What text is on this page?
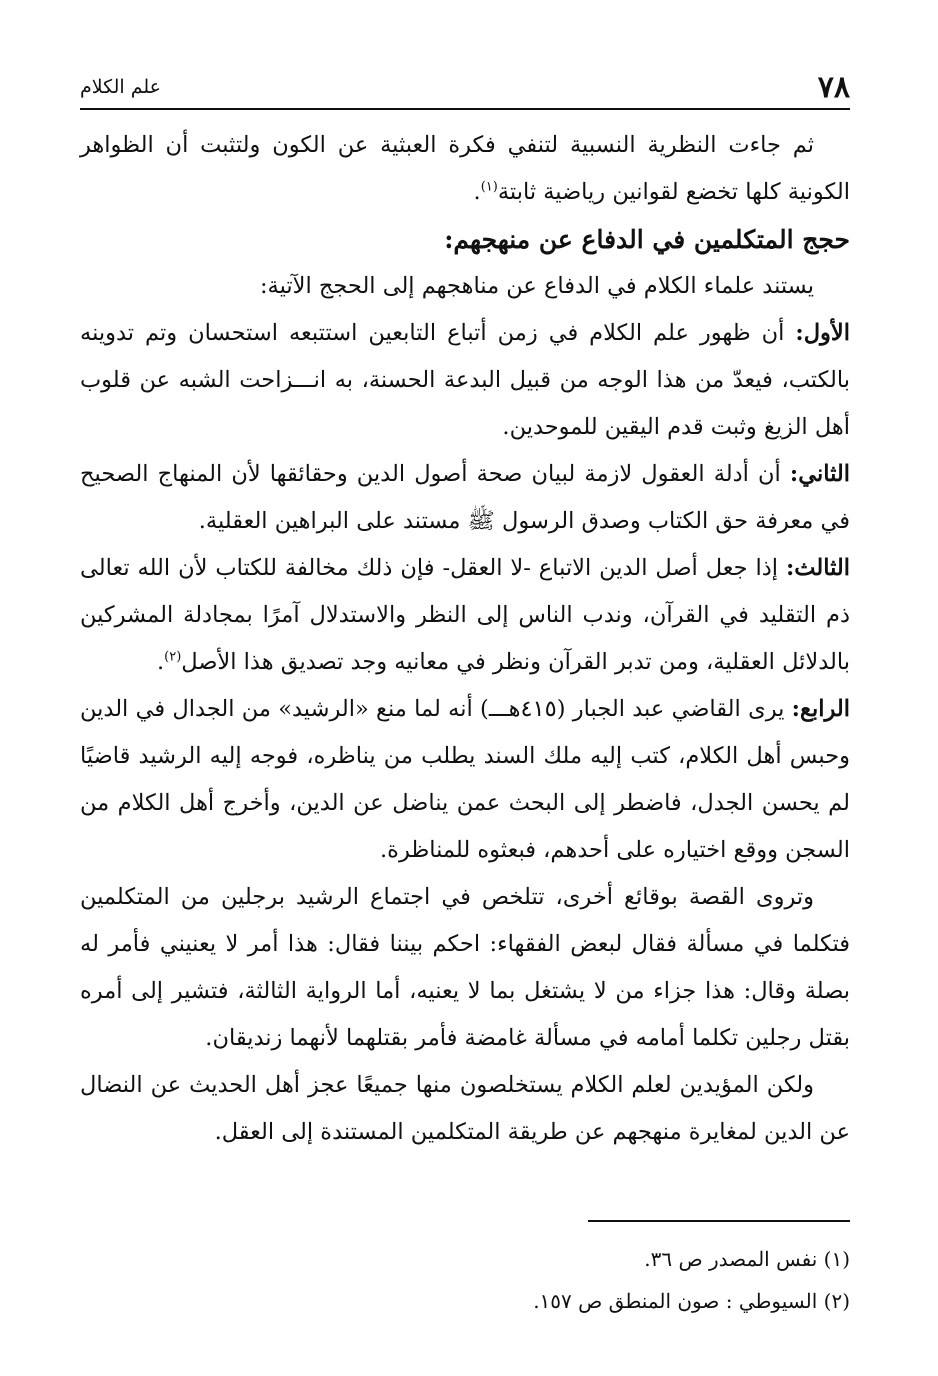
٧٨
علم الكلام

ثم جاءت النظرية النسبية لتنفي فكرة العبثية عن الكون ولتثبت أن الظواهر الكونية كلها تخضع لقوانين رياضية ثابتة$^{(١)}$.

حجج المتكلمين في الدفاع عن منهجهم:

يستند علماء الكلام في الدفاع عن مناهجهم إلى الحجج الآتية:

الأول: أن ظهور علم الكلام في زمن أتباع التابعين استتبعه استحسان وتم تدوينه بالكتب، فيعدّ من هذا الوجه من قبيل البدعة الحسنة، به انـــزاحت الشبه عن قلوب أهل الزيغ وثبت قدم اليقين للموحدين.

الثاني: أن أدلة العقول لازمة لبيان صحة أصول الدين وحقائقها لأن المنهاج الصحيح في معرفة حق الكتاب وصدق الرسول ﷺ مستند على البراهين العقلية.

الثالث: إذا جعل أصل الدين الاتباع -لا العقل- فإن ذلك مخالفة للكتاب لأن الله تعالى ذم التقليد في القرآن، وندب الناس إلى النظر والاستدلال آمرًا بمجادلة المشركين بالدلائل العقلية، ومن تدبر القرآن ونظر في معانيه وجد تصديق هذا الأصل$^{(٢)}$.

الرابع: يرى القاضي عبد الجبار (٤١٥هـــ) أنه لما منع «الرشيد» من الجدال في الدين وحبس أهل الكلام، كتب إليه ملك السند يطلب من يناظره، فوجه إليه الرشيد قاضيًا لم يحسن الجدل، فاضطر إلى البحث عمن يناضل عن الدين، وأخرج أهل الكلام من السجن ووقع اختياره على أحدهم، فبعثوه للمناظرة.

وتروى القصة بوقائع أخرى، تتلخص في اجتماع الرشيد برجلين من المتكلمين فتكلما في مسألة فقال لبعض الفقهاء: احكم بيننا فقال: هذا أمر لا يعنيني فأمر له بصلة وقال: هذا جزاء من لا يشتغل بما لا يعنيه، أما الرواية الثالثة، فتشير إلى أمره بقتل رجلين تكلما أمامه في مسألة غامضة فأمر بقتلهما لأنهما زنديقان.

ولكن المؤيدين لعلم الكلام يستخلصون منها جميعًا عجز أهل الحديث عن النضال عن الدين لمغايرة منهجهم عن طريقة المتكلمين المستندة إلى العقل.

(١) نفس المصدر ص ٣٦.

(٢) السيوطي : صون المنطق ص ١٥٧.
